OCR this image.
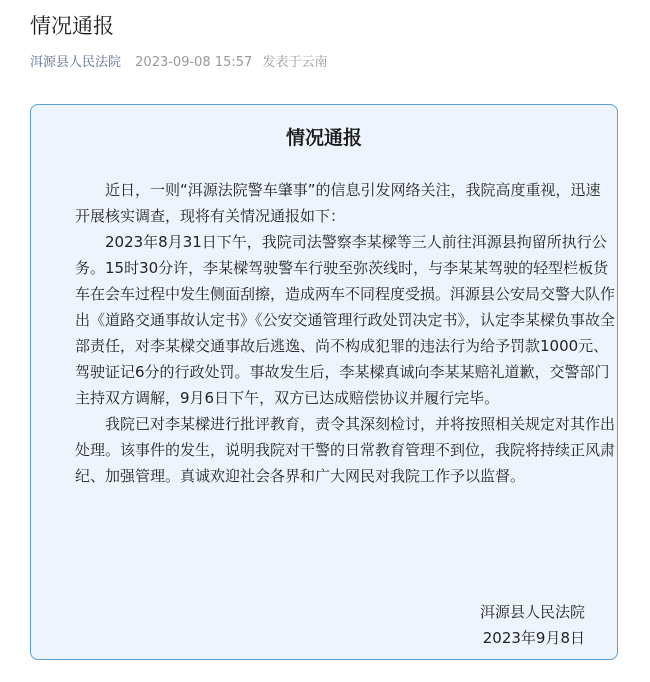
情况通报
洱源县人民法院 2023-09-08 15:57 发表于云南
情况通报

近日，一则“洱源法院警车肇事”的信息引发网络关注，我院高度重视，迅速开展核实调查，现将有关情况通报如下：

2023年8月31日下午，我院司法警察李某樑等三人前往洱源县拘留所执行公务。15时30分许，李某樑驾驶警车行驶至弥茨线时，与李某某驾驶的轻型栏板货车在会车过程中发生侧面刮擦，造成两车不同程度受损。洱源县公安局交警大队作出《道路交通事故认定书》《公安交通管理行政处罚决定书》，认定李某樑负事故全部责任，对李某樑交通事故后逃逸、尚不构成犯罪的违法行为给予罚款1000元、驾驶证记6分的行政处罚。事故发生后，李某樑真诚向李某某赔礼道歉，交警部门主持双方调解，9月6日下午，双方已达成赔偿协议并履行完毕。

我院已对李某樑进行批评教育，责令其深刻检讨，并将按照相关规定对其作出处理。该事件的发生，说明我院对干警的日常教育管理不到位，我院将持续正风肃纪、加强管理。真诚欢迎社会各界和广大网民对我院工作予以监督。

洱源县人民法院
2023年9月8日
